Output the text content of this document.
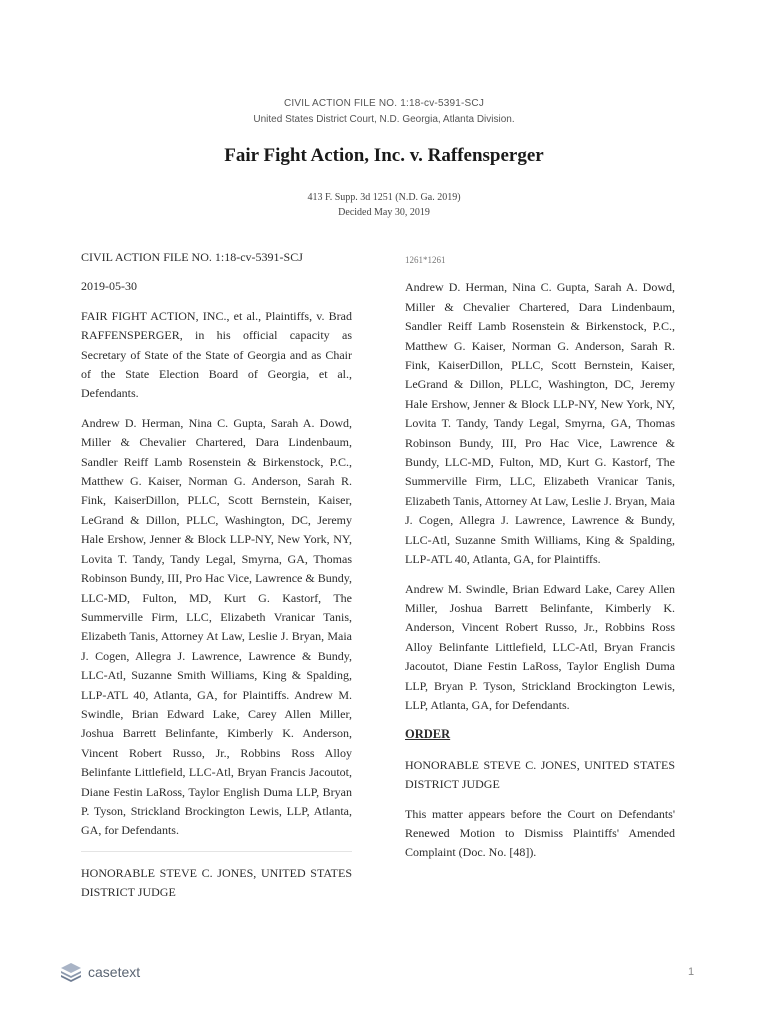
CIVIL ACTION FILE NO. 1:18-cv-5391-SCJ
United States District Court, N.D. Georgia, Atlanta Division.
Fair Fight Action, Inc. v. Raffensperger
413 F. Supp. 3d 1251 (N.D. Ga. 2019)
Decided May 30, 2019

CIVIL ACTION FILE NO. 1:18-cv-5391-SCJ

2019-05-30

FAIR FIGHT ACTION, INC., et al., Plaintiffs, v. Brad RAFFENSPERGER, in his official capacity as Secretary of State of the State of Georgia and as Chair of the State Election Board of Georgia, et al., Defendants.

Andrew D. Herman, Nina C. Gupta, Sarah A. Dowd, Miller & Chevalier Chartered, Dara Lindenbaum, Sandler Reiff Lamb Rosenstein & Birkenstock, P.C., Matthew G. Kaiser, Norman G. Anderson, Sarah R. Fink, KaiserDillon, PLLC, Scott Bernstein, Kaiser, LeGrand & Dillon, PLLC, Washington, DC, Jeremy Hale Ershow, Jenner & Block LLP-NY, New York, NY, Lovita T. Tandy, Tandy Legal, Smyrna, GA, Thomas Robinson Bundy, III, Pro Hac Vice, Lawrence & Bundy, LLC-MD, Fulton, MD, Kurt G. Kastorf, The Summerville Firm, LLC, Elizabeth Vranicar Tanis, Elizabeth Tanis, Attorney At Law, Leslie J. Bryan, Maia J. Cogen, Allegra J. Lawrence, Lawrence & Bundy, LLC-Atl, Suzanne Smith Williams, King & Spalding, LLP-ATL 40, Atlanta, GA, for Plaintiffs. Andrew M. Swindle, Brian Edward Lake, Carey Allen Miller, Joshua Barrett Belinfante, Kimberly K. Anderson, Vincent Robert Russo, Jr., Robbins Ross Alloy Belinfante Littlefield, LLC-Atl, Bryan Francis Jacoutot, Diane Festin LaRoss, Taylor English Duma LLP, Bryan P. Tyson, Strickland Brockington Lewis, LLP, Atlanta, GA, for Defendants.

HONORABLE STEVE C. JONES, UNITED STATES DISTRICT JUDGE

1261*1261

Andrew D. Herman, Nina C. Gupta, Sarah A. Dowd, Miller & Chevalier Chartered, Dara Lindenbaum, Sandler Reiff Lamb Rosenstein & Birkenstock, P.C., Matthew G. Kaiser, Norman G. Anderson, Sarah R. Fink, KaiserDillon, PLLC, Scott Bernstein, Kaiser, LeGrand & Dillon, PLLC, Washington, DC, Jeremy Hale Ershow, Jenner & Block LLP-NY, New York, NY, Lovita T. Tandy, Tandy Legal, Smyrna, GA, Thomas Robinson Bundy, III, Pro Hac Vice, Lawrence & Bundy, LLC-MD, Fulton, MD, Kurt G. Kastorf, The Summerville Firm, LLC, Elizabeth Vranicar Tanis, Elizabeth Tanis, Attorney At Law, Leslie J. Bryan, Maia J. Cogen, Allegra J. Lawrence, Lawrence & Bundy, LLC-Atl, Suzanne Smith Williams, King & Spalding, LLP-ATL 40, Atlanta, GA, for Plaintiffs.

Andrew M. Swindle, Brian Edward Lake, Carey Allen Miller, Joshua Barrett Belinfante, Kimberly K. Anderson, Vincent Robert Russo, Jr., Robbins Ross Alloy Belinfante Littlefield, LLC-Atl, Bryan Francis Jacoutot, Diane Festin LaRoss, Taylor English Duma LLP, Bryan P. Tyson, Strickland Brockington Lewis, LLP, Atlanta, GA, for Defendants.

ORDER

HONORABLE STEVE C. JONES, UNITED STATES DISTRICT JUDGE

This matter appears before the Court on Defendants' Renewed Motion to Dismiss Plaintiffs' Amended Complaint (Doc. No. [48]).

casetext	1
